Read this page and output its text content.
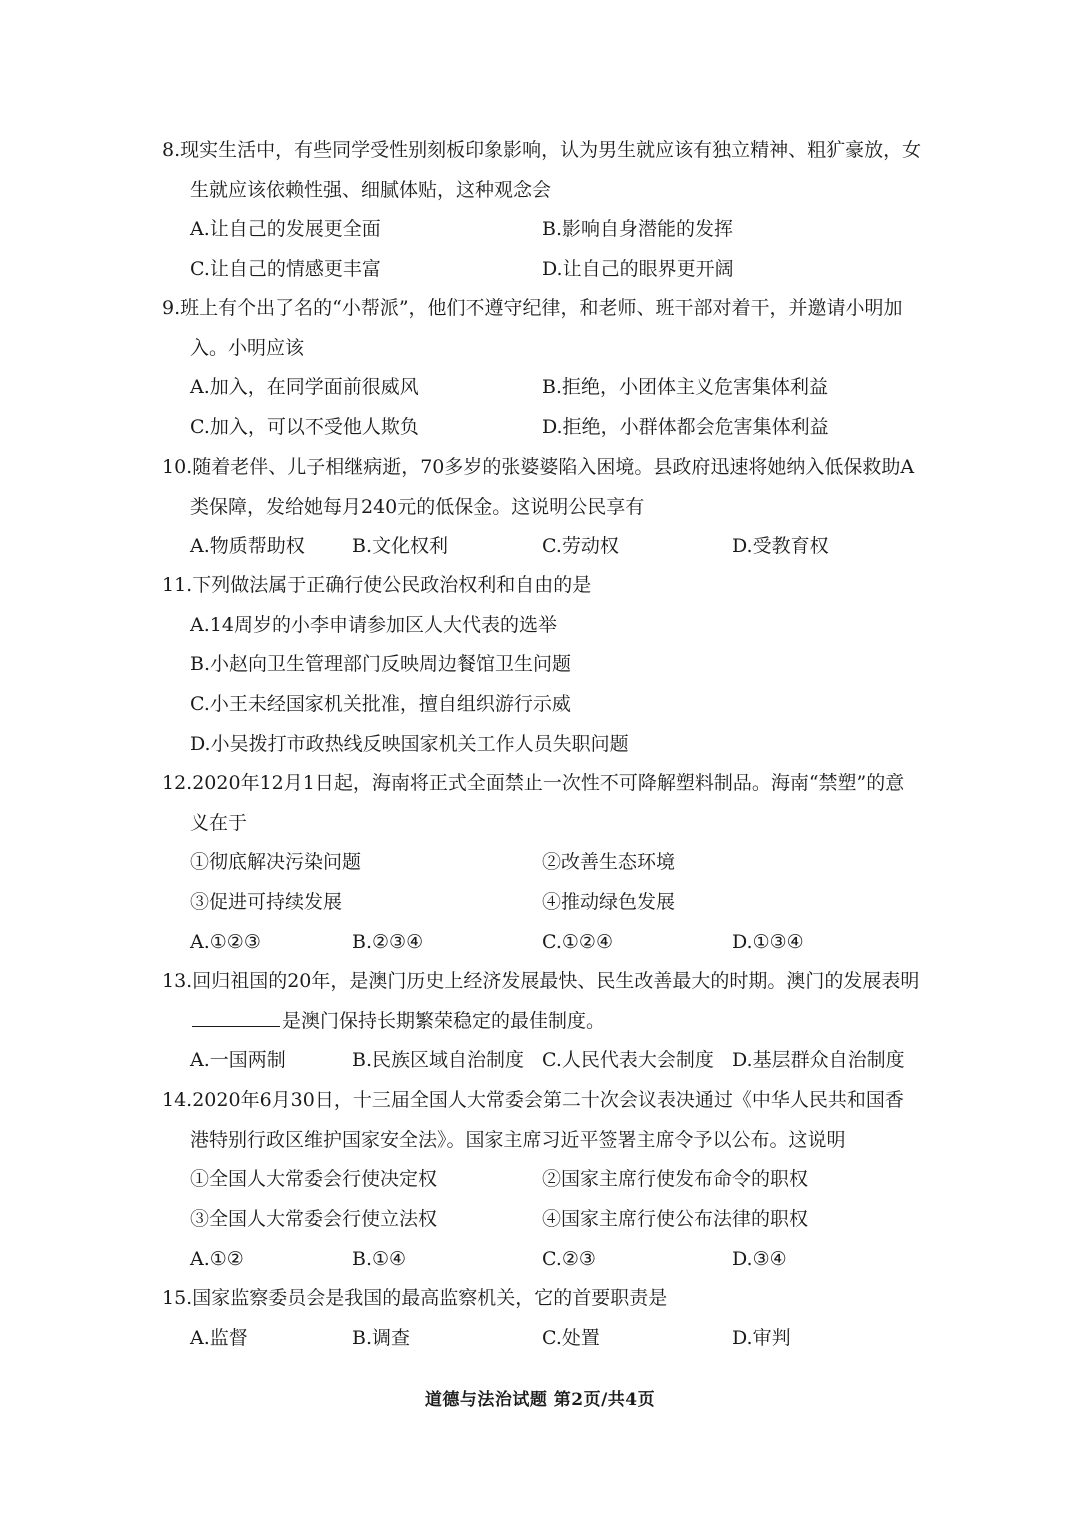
8.现实生活中，有些同学受性别刻板印象影响，认为男生就应该有独立精神、粗犷豪放，女生就应该依赖性强、细腻体贴，这种观念会

A.让自己的发展更全面	B.影响自身潜能的发挥
C.让自己的情感更丰富	D.让自己的眼界更开阔

9.班上有个出了名的“小帮派”，他们不遵守纪律，和老师、班干部对着干，并邀请小明加入。小明应该

A.加入，在同学面前很威风	B.拒绝，小团体主义危害集体利益
C.加入，可以不受他人欺负	D.拒绝，小群体都会危害集体利益

10.随着老伴、儿子相继病逝，70多岁的张婆婆陷入困境。县政府迅速将她纳入低保救助A类保障，发给她每月240元的低保金。这说明公民享有

A.物质帮助权	B.文化权利	C.劳动权	D.受教育权

11.下列做法属于正确行使公民政治权利和自由的是

A.14周岁的小李申请参加区人大代表的选举

B.小赵向卫生管理部门反映周边餐馆卫生问题

C.小王未经国家机关批准，擅自组织游行示威

D.小吴拨打市政热线反映国家机关工作人员失职问题

12.2020年12月1日起，海南将正式全面禁止一次性不可降解塑料制品。海南“禁塑”的意义在于

①彻底解决污染问题	②改善生态环境
③促进可持续发展	④推动绿色发展
A.①②③	B.②③④	C.①②④	D.①③④

13.回归祖国的20年，是澳门历史上经济发展最快、民生改善最大的时期。澳门的发展表明是澳门保持长期繁荣稳定的最佳制度。

A.一国两制	B.民族区域自治制度 C.人民代表大会制度 D.基层群众自治制度

14.2020年6月30日，十三届全国人大常委会第二十次会议表决通过《中华人民共和国香港特别行政区维护国家安全法》。国家主席习近平签署主席令予以公布。这说明

①全国人大常委会行使决定权	②国家主席行使发布命令的职权
③全国人大常委会行使立法权	④国家主席行使公布法律的职权
A.①②	B.①④	C.②③	D.③④

15.国家监察委员会是我国的最高监察机关，它的首要职责是

A.监督	B.调查	C.处置	D.审判
道德与法治试题 第2页/共4页
